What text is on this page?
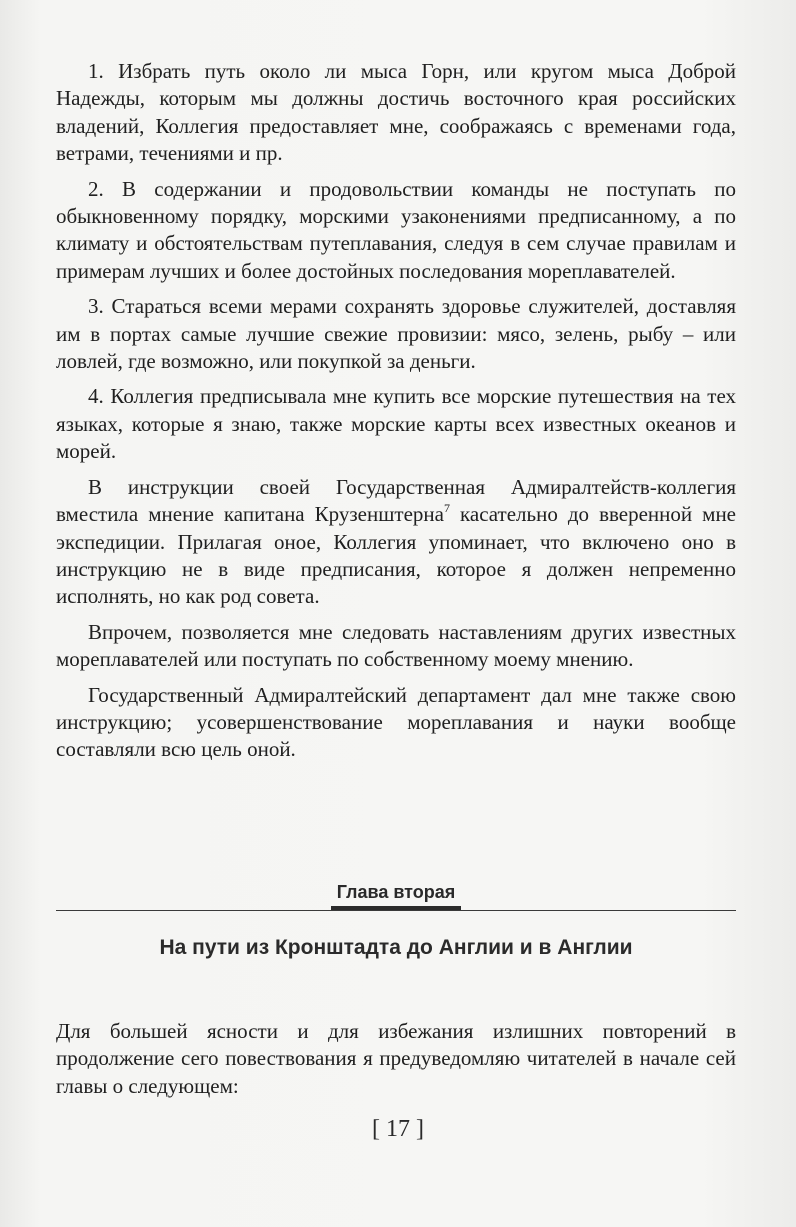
1. Избрать путь около ли мыса Горн, или кругом мыса Доброй Надежды, которым мы должны достичь восточного края российских владений, Коллегия предоставляет мне, соображаясь с временами года, ветрами, течениями и пр.

2. В содержании и продовольствии команды не поступать по обыкновенному порядку, морскими узаконениями предписанному, а по климату и обстоятельствам путеплавания, следуя в сем случае правилам и примерам лучших и более достойных последования мореплавателей.

3. Стараться всеми мерами сохранять здоровье служителей, доставляя им в портах самые лучшие свежие провизии: мясо, зелень, рыбу – или ловлей, где возможно, или покупкой за деньги.

4. Коллегия предписывала мне купить все морские путешествия на тех языках, которые я знаю, также морские карты всех известных океанов и морей.

В инструкции своей Государственная Адмиралтейств-коллегия вместила мнение капитана Крузенштерна$^7$ касательно до вверенной мне экспедиции. Прилагая оное, Коллегия упоминает, что включено оно в инструкцию не в виде предписания, которое я должен непременно исполнять, но как род совета.

Впрочем, позволяется мне следовать наставлениям других известных мореплавателей или поступать по собственному моему мнению.

Государственный Адмиралтейский департамент дал мне также свою инструкцию; усовершенствование мореплавания и науки вообще составляли всю цель оной.

Глава вторая
На пути из Кронштадта до Англии и в Англии

Для большей ясности и для избежания излишних повторений в продолжение сего повествования я предуведомляю читателей в начале сей главы о следующем:

[ 17 ]
